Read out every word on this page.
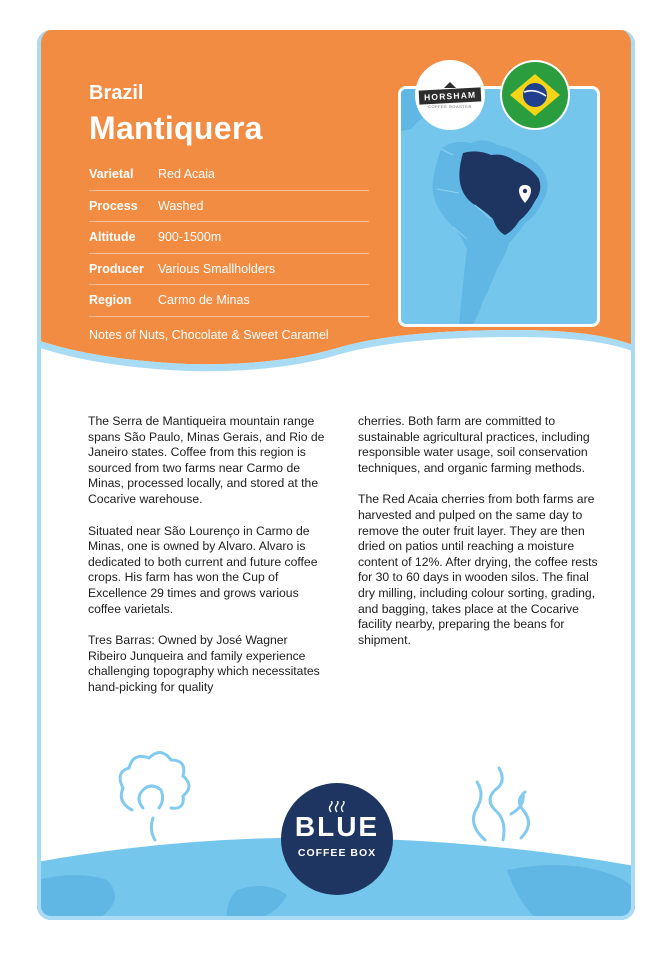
Brazil
Mantiquera
Varietal	Red Acaia
Process	Washed
Altitude	900-1500m
Producer	Various Smallholders
Region	Carmo de Minas
Notes of Nuts, Chocolate & Sweet Caramel
HORSHAM
COFFEE ROASTER

The Serra de Mantiqueira mountain range spans São Paulo, Minas Gerais, and Rio de Janeiro states. Coffee from this region is sourced from two farms near Carmo de Minas, processed locally, and stored at the Cocarive warehouse.

Situated near São Lourenço in Carmo de Minas, one is owned by Alvaro. Alvaro is dedicated to both current and future coffee crops. His farm has won the Cup of Excellence 29 times and grows various coffee varietals.

Tres Barras: Owned by José Wagner Ribeiro Junqueira and family experience challenging topography which necessitates hand-picking for quality

cherries. Both farm are committed to sustainable agricultural practices, including responsible water usage, soil conservation techniques, and organic farming methods.

The Red Acaia cherries from both farms are harvested and pulped on the same day to remove the outer fruit layer. They are then dried on patios until reaching a moisture content of 12%. After drying, the coffee rests for 30 to 60 days in wooden silos. The final dry milling, including colour sorting, grading, and bagging, takes place at the Cocarive facility nearby, preparing the beans for shipment.

BLUE
COFFEE BOX
